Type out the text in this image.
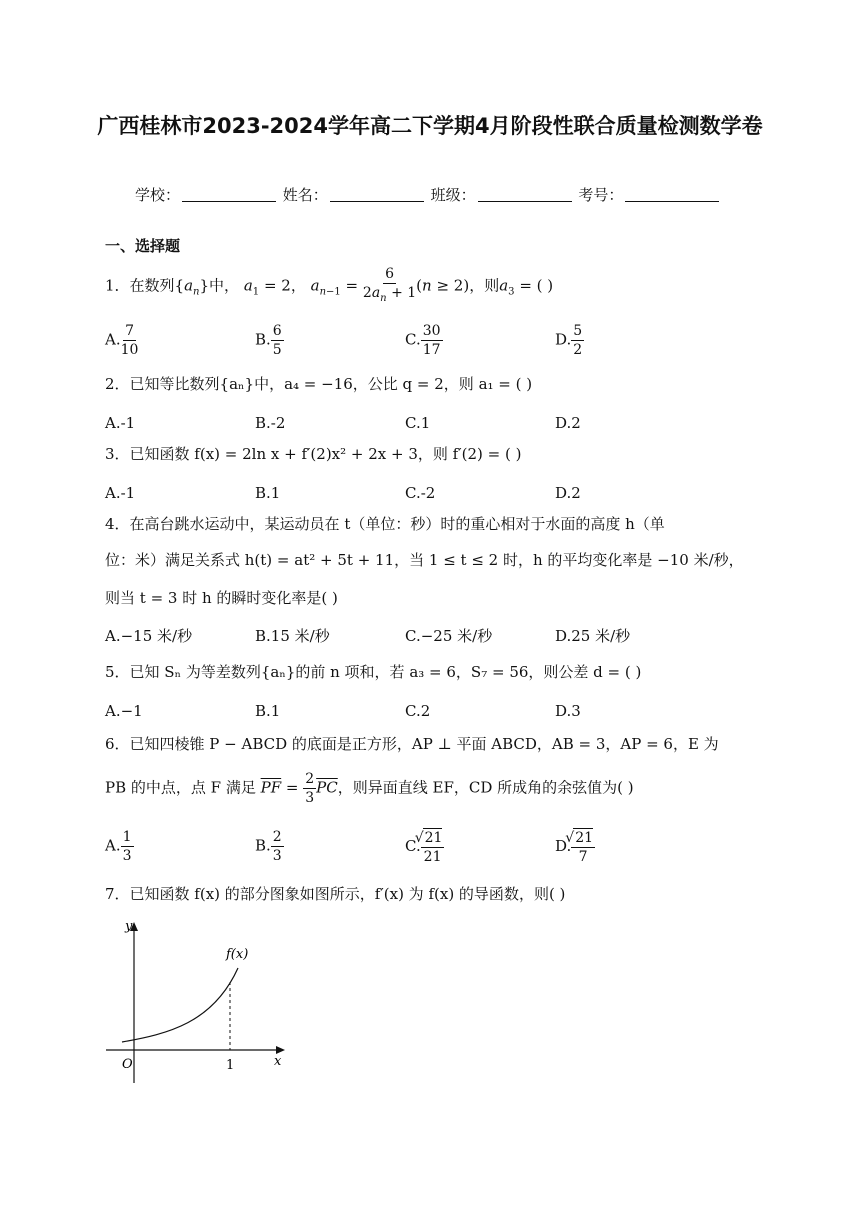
广西桂林市2023-2024学年高二下学期4月阶段性联合质量检测数学卷
学校：	姓名：	班级：	考号：
一、选择题
1．在数列$\{a_n\}$中， $a_1 = 2$， $a_{n-1} = \frac{6}{2a_n + 1} (n \ge 2)$，则$a_3$ = ( )
A. $\frac{7}{10}$	B. $\frac{6}{5}$	C. $\frac{30}{17}$	D. $\frac{5}{2}$
2．已知等比数列{aₙ}中，a₄ = −16，公比 q = 2，则 a₁ = ( )
A.-1	B.-2	C.1	D.2
3．已知函数 f(x) = 2ln x + f′(2)x² + 2x + 3，则 f′(2) = ( )
A.-1	B.1	C.-2	D.2
4．在高台跳水运动中，某运动员在 t（单位：秒）时的重心相对于水面的高度 h（单
位：米）满足关系式 h(t) = at² + 5t + 11，当 1 ≤ t ≤ 2 时，h 的平均变化率是 −10 米/秒，
则当 t = 3 时 h 的瞬时变化率是( )
A.−15 米/秒	B.15 米/秒	C.−25 米/秒	D.25 米/秒
5．已知 Sₙ 为等差数列{aₙ}的前 n 项和，若 a₃ = 6，S₇ = 56，则公差 d = ( )
A.−1	B.1	C.2	D.3
6．已知四棱锥 P − ABCD 的底面是正方形，AP ⊥ 平面 ABCD，AB = 3，AP = 6，E 为
PB 的中点，点 F 满足 $\overline{PF} = \frac{2}{3} \overline{PC}$，则异面直线 EF，CD 所成角的余弦值为( )
A. $\frac{1}{3}$	B. $\frac{2}{3}$	C. √ $\frac{21}{21}$	D. √ $\frac{21}{7}$
7．已知函数 f(x) 的部分图象如图所示，f′(x) 为 f(x) 的导函数，则( )
y
x
O	1
f(x)
